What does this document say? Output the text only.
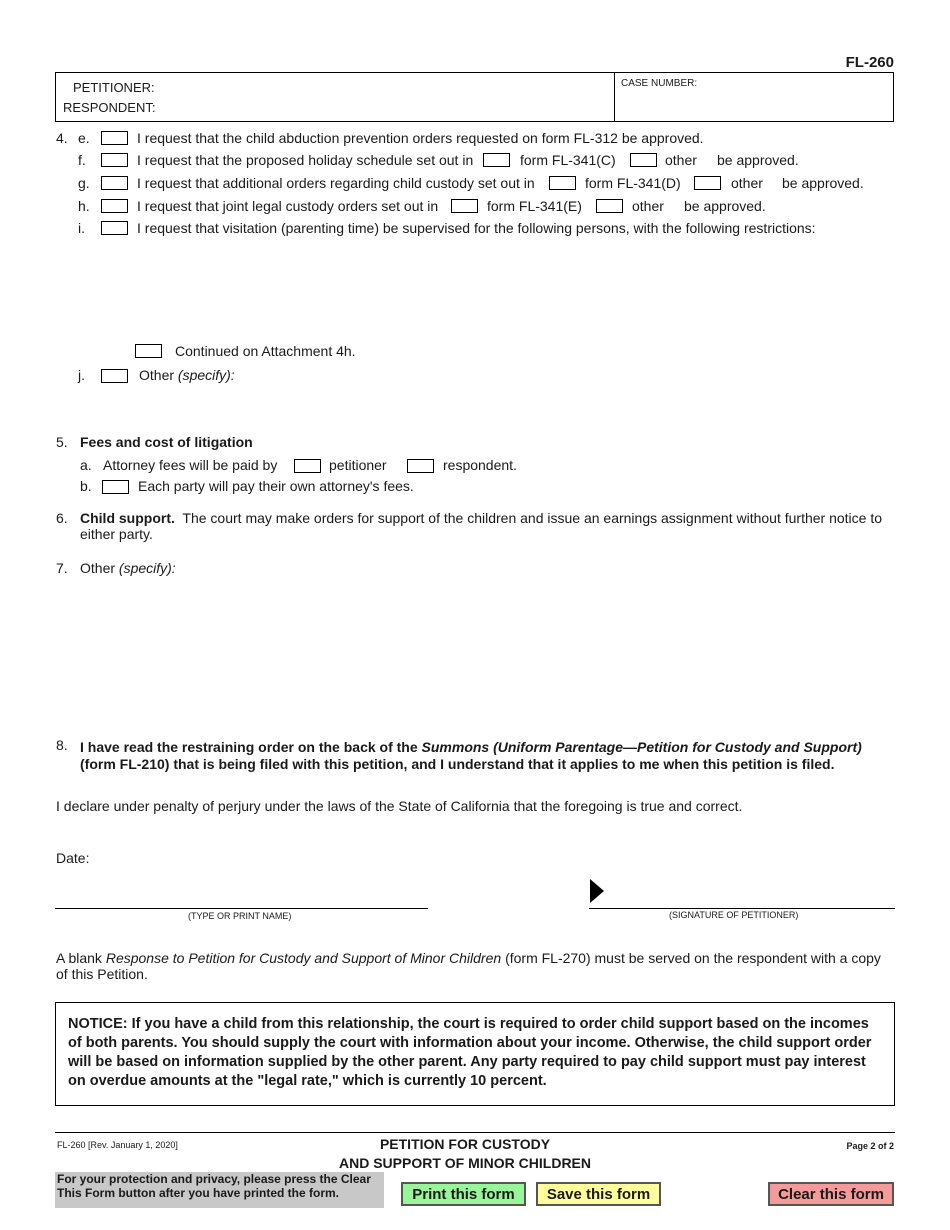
FL-260
PETITIONER:
RESPONDENT:
CASE NUMBER:
4. e.	I request that the child abduction prevention orders requested on form FL-312 be approved.
f.	I request that the proposed holiday schedule set out in	form FL-341(C)	other be approved.
g.	I request that additional orders regarding child custody set out in	form FL-341(D)	other be approved.
h.	I request that joint legal custody orders set out in	form FL-341(E)	other be approved.
i.	I request that visitation (parenting time) be supervised for the following persons, with the following restrictions:
Continued on Attachment 4h.
j.	Other (specify):
5. Fees and cost of litigation
a. Attorney fees will be paid by	petitioner	respondent.
b.	Each party will pay their own attorney's fees.
6. Child support. The court may make orders for support of the children and issue an earnings assignment without further notice to
either party.
7. Other (specify):
8. I have read the restraining order on the back of the Summons (Uniform Parentage—Petition for Custody and Support)
(form FL-210) that is being filed with this petition, and I understand that it applies to me when this petition is filed.
I declare under penalty of perjury under the laws of the State of California that the foregoing is true and correct.
Date:
(TYPE OR PRINT NAME)	(SIGNATURE OF PETITIONER)
A blank Response to Petition for Custody and Support of Minor Children (form FL-270) must be served on the respondent with a copy
of this Petition.
NOTICE: If you have a child from this relationship, the court is required to order child support based on the incomes of both parents. You should supply the court with information about your income. Otherwise, the child support order will be based on information supplied by the other parent. Any party required to pay child support must pay interest on overdue amounts at the "legal rate," which is currently 10 percent.
FL-260 [Rev. January 1, 2020]	PETITION FOR CUSTODY
AND SUPPORT OF MINOR CHILDREN
Page 2 of 2
For your protection and privacy, please press the Clear This Form button after you have printed the form.	Print this form	Save this form	Clear this form
